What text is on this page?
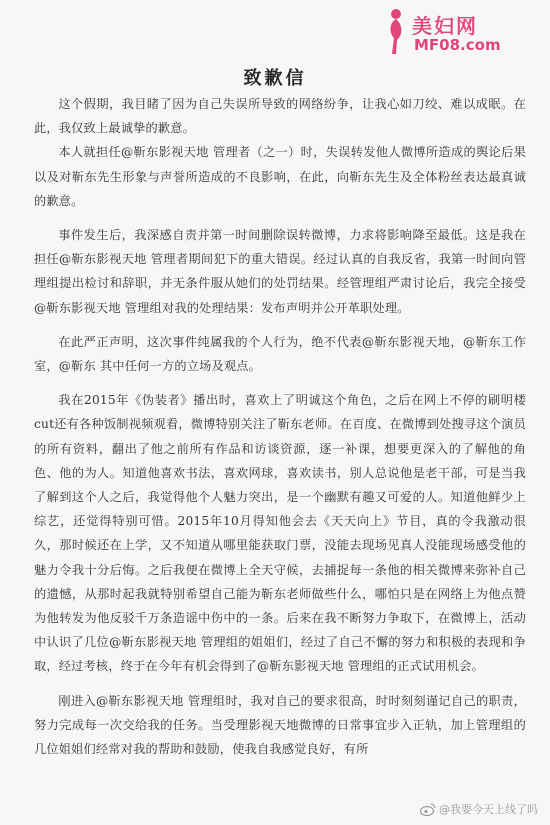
美妇网
MF08.com
致歉信

这个假期，我目睹了因为自己失误所导致的网络纷争，让我心如刀绞、难以成眠。在此，我仅致上最诚挚的歉意。

本人就担任@靳东影视天地 管理者（之一）时，失误转发他人微博所造成的舆论后果以及对靳东先生形象与声誉所造成的不良影响，在此，向靳东先生及全体粉丝表达最真诚的歉意。

事件发生后，我深感自责并第一时间删除误转微博，力求将影响降至最低。这是我在担任@靳东影视天地 管理者期间犯下的重大错误。经过认真的自我反省，我第一时间向管理组提出检讨和辞职，并无条件服从她们的处罚结果。经管理组严肃讨论后，我完全接受@靳东影视天地 管理组对我的处理结果：发布声明并公开革职处理。

在此严正声明，这次事件纯属我的个人行为，绝不代表@靳东影视天地，@靳东工作室，@靳东 其中任何一方的立场及观点。

我在2015年《伪装者》播出时，喜欢上了明诚这个角色，之后在网上不停的刷明楼cut还有各种饭制视频观看，微博特别关注了靳东老师。在百度、在微博到处搜寻这个演员的所有资料，翻出了他之前所有作品和访谈资源，逐一补课，想要更深入的了解他的角色、他的为人。知道他喜欢书法，喜欢网球，喜欢读书，别人总说他是老干部，可是当我了解到这个人之后，我觉得他个人魅力突出，是一个幽默有趣又可爱的人。知道他鲜少上综艺，还觉得特别可惜。2015年10月得知他会去《天天向上》节目，真的令我激动很久，那时候还在上学，又不知道从哪里能获取门票，没能去现场见真人没能现场感受他的魅力令我十分后悔。之后我便在微博上全天守候，去捕捉每一条他的相关微博来弥补自己的遗憾，从那时起我就特别希望自己能为靳东老师做些什么，哪怕只是在网络上为他点赞为他转发为他反驳千万条造谣中伤中的一条。后来在我不断努力争取下，在微博上，活动中认识了几位@靳东影视天地 管理组的姐姐们，经过了自己不懈的努力和积极的表现和争取，经过考核，终于在今年有机会得到了@靳东影视天地 管理组的正式试用机会。

刚进入@靳东影视天地 管理组时，我对自己的要求很高，时时刻刻谨记自己的职责，努力完成每一次交给我的任务。当受理影视天地微博的日常事宜步入正轨，加上管理组的几位姐姐们经常对我的帮助和鼓励，使我自我感觉良好，有所

@我要今天上线了吗
